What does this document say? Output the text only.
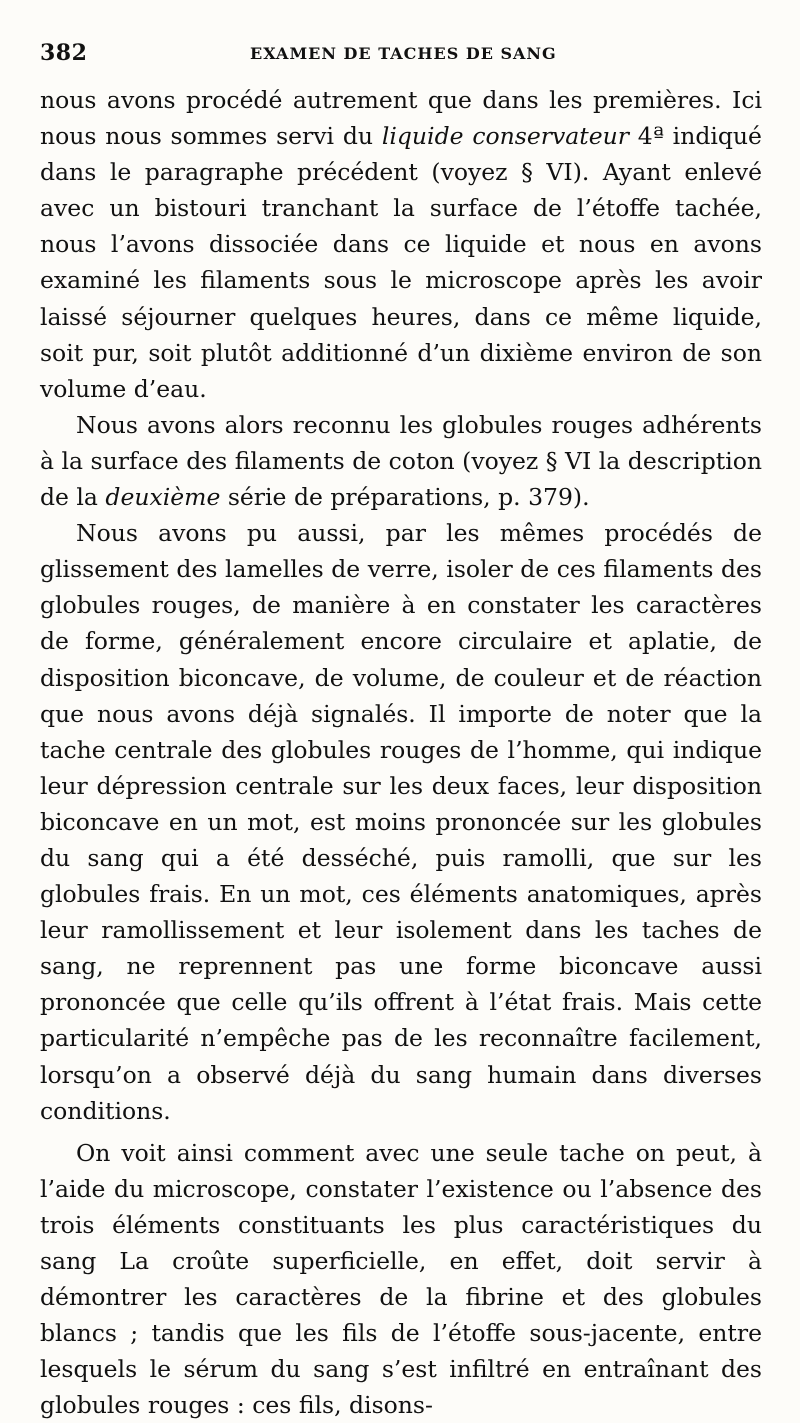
382	EXAMEN DE TACHES DE SANG

nous avons procédé autrement que dans les premières. Ici nous nous sommes servi du liquide conservateur 4ª indiqué dans le paragraphe précédent (voyez § VI). Ayant enlevé avec un bistouri tranchant la surface de l’étoffe tachée, nous l’avons dissociée dans ce liquide et nous en avons examiné les filaments sous le microscope après les avoir laissé séjourner quelques heures, dans ce même liquide, soit pur, soit plutôt additionné d’un dixième environ de son volume d’eau.

Nous avons alors reconnu les globules rouges adhérents à la surface des filaments de coton (voyez § VI la description de la deuxième série de préparations, p. 379).

Nous avons pu aussi, par les mêmes procédés de glissement des lamelles de verre, isoler de ces filaments des globules rouges, de manière à en constater les caractères de forme, généralement encore circulaire et aplatie, de disposition biconcave, de volume, de couleur et de réaction que nous avons déjà signalés. Il importe de noter que la tache centrale des globules rouges de l’homme, qui indique leur dépression centrale sur les deux faces, leur disposition biconcave en un mot, est moins prononcée sur les globules du sang qui a été desséché, puis ramolli, que sur les globules frais. En un mot, ces éléments anatomiques, après leur ramollissement et leur isolement dans les taches de sang, ne reprennent pas une forme biconcave aussi prononcée que celle qu’ils offrent à l’état frais. Mais cette particularité n’empêche pas de les reconnaître facilement, lorsqu’on a observé déjà du sang humain dans diverses conditions.

On voit ainsi comment avec une seule tache on peut, à l’aide du microscope, constater l’existence ou l’absence des trois éléments constituants les plus caractéristiques du sang La croûte superficielle, en effet, doit servir à démontrer les caractères de la fibrine et des globules blancs ; tandis que les fils de l’étoffe sous-jacente, entre lesquels le sérum du sang s’est infiltré en entraînant des globules rouges : ces fils, disons-
